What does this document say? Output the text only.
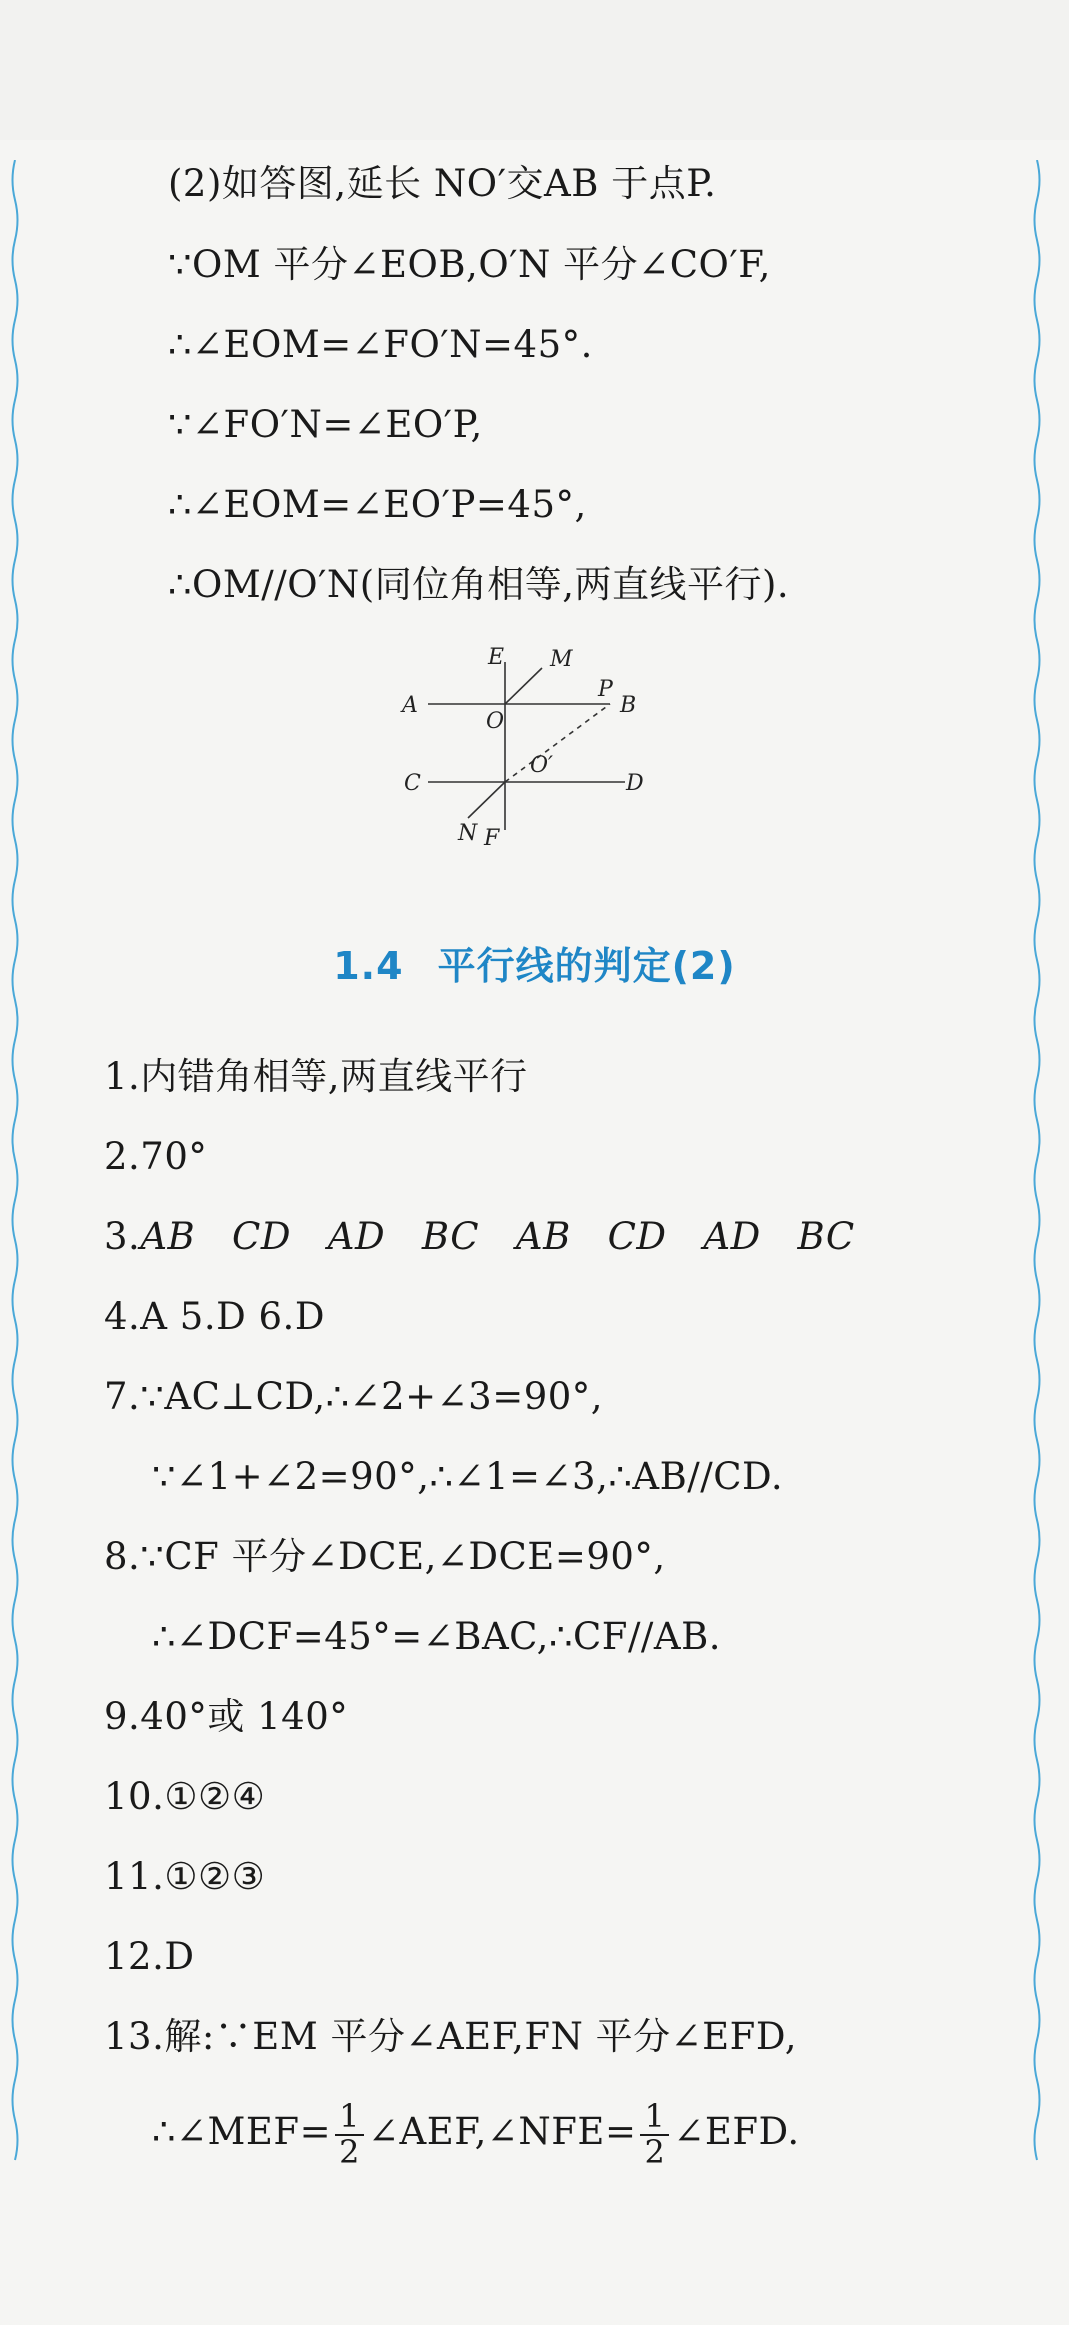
(2)如答图,延长 NO′交AB 于点P.
∵OM 平分∠EOB,O′N 平分∠CO′F,
∴∠EOM=∠FO′N=45°.
∵∠FO′N=∠EO′P,
∴∠EOM=∠EO′P=45°,
∴OM//O′N(同位角相等,两直线平行).
E M
P
A	B
O
O′
C	D
N F
1.4 平行线的判定(2)
1.内错角相等,两直线平行
2.70°
3.AB   CD   AD   BC   AB   CD   AD   BC
4.A 5.D 6.D
7.∵AC⊥CD,∴∠2+∠3=90°,
∵∠1+∠2=90°,∴∠1=∠3,∴AB//CD.
8.∵CF 平分∠DCE,∠DCE=90°,
∴∠DCF=45°=∠BAC,∴CF//AB.
9.40°或 140°
10.①②④
11.①②③
12.D
13.解:∵EM 平分∠AEF,FN 平分∠EFD,
∴∠MEF= $\frac{1}{2}$ ∠AEF,∠NFE= $\frac{1}{2}$ ∠EFD.
